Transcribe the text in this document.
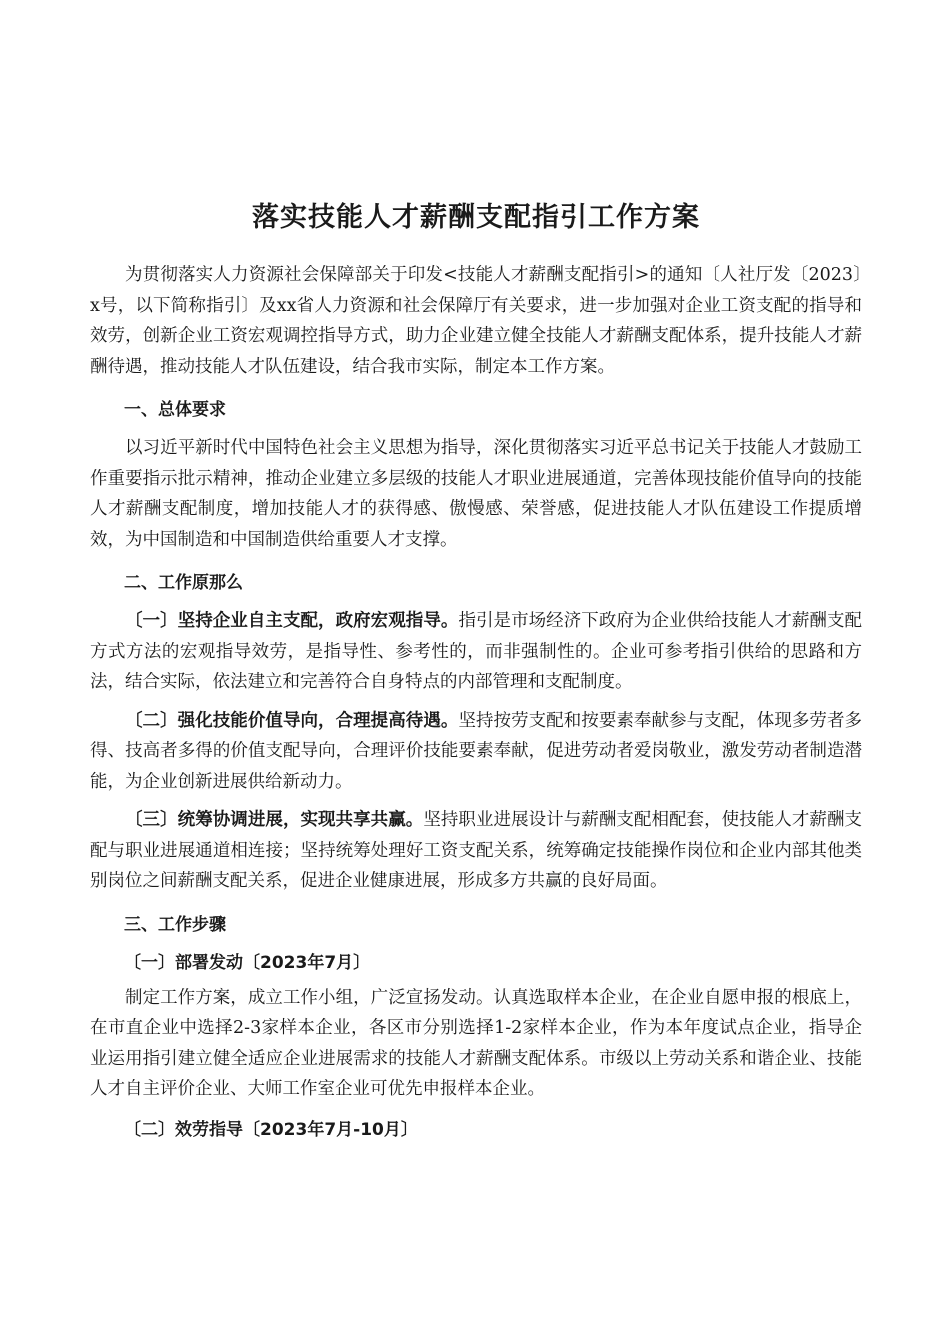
落实技能人才薪酬支配指引工作方案

为贯彻落实人力资源社会保障部关于印发<技能人才薪酬支配指引>的通知〔人社厅发〔2023〕x号，以下简称指引〕及xx省人力资源和社会保障厅有关要求，进一步加强对企业工资支配的指导和效劳，创新企业工资宏观调控指导方式，助力企业建立健全技能人才薪酬支配体系，提升技能人才薪酬待遇，推动技能人才队伍建设，结合我市实际，制定本工作方案。

一、总体要求

以习近平新时代中国特色社会主义思想为指导，深化贯彻落实习近平总书记关于技能人才鼓励工作重要指示批示精神，推动企业建立多层级的技能人才职业进展通道，完善体现技能价值导向的技能人才薪酬支配制度，增加技能人才的获得感、傲慢感、荣誉感，促进技能人才队伍建设工作提质增效，为中国制造和中国制造供给重要人才支撑。

二、工作原那么

〔一〕坚持企业自主支配，政府宏观指导。指引是市场经济下政府为企业供给技能人才薪酬支配方式方法的宏观指导效劳，是指导性、参考性的，而非强制性的。企业可参考指引供给的思路和方法，结合实际，依法建立和完善符合自身特点的内部管理和支配制度。

〔二〕强化技能价值导向，合理提高待遇。坚持按劳支配和按要素奉献参与支配，体现多劳者多得、技高者多得的价值支配导向，合理评价技能要素奉献，促进劳动者爱岗敬业，激发劳动者制造潜能，为企业创新进展供给新动力。

〔三〕统筹协调进展，实现共享共赢。坚持职业进展设计与薪酬支配相配套，使技能人才薪酬支配与职业进展通道相连接；坚持统筹处理好工资支配关系，统筹确定技能操作岗位和企业内部其他类别岗位之间薪酬支配关系，促进企业健康进展，形成多方共赢的良好局面。

三、工作步骤
〔一〕部署发动〔2023年7月〕

制定工作方案，成立工作小组，广泛宣扬发动。认真选取样本企业，在企业自愿申报的根底上，在市直企业中选择2-3家样本企业，各区市分别选择1-2家样本企业，作为本年度试点企业，指导企业运用指引建立健全适应企业进展需求的技能人才薪酬支配体系。市级以上劳动关系和谐企业、技能人才自主评价企业、大师工作室企业可优先申报样本企业。

〔二〕效劳指导〔2023年7月-10月〕
